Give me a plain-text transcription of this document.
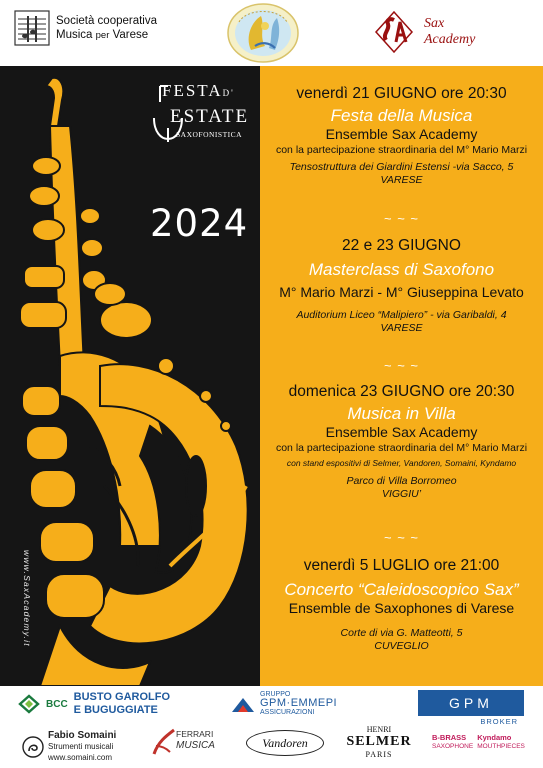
Società cooperativa
Musica per Varese
Sax
Academy
FESTAD'
ESTATE
SAXOFONISTICA
2024
www.SaxAcademy.it
venerdì 21 GIUGNO ore 20:30
Festa della Musica
Ensemble Sax Academy
con la partecipazione straordinaria del M° Mario Marzi
Tensostruttura dei Giardini Estensi -via Sacco, 5
VARESE
~ ~ ~
22 e 23 GIUGNO
Masterclass di Saxofono
M° Mario Marzi - M° Giuseppina Levato
Auditorium Liceo “Malipiero” - via Garibaldi, 4
VARESE
~ ~ ~
domenica 23 GIUGNO ore 20:30
Musica in Villa
Ensemble Sax Academy
con la partecipazione straordinaria del M° Mario Marzi
con stand espositivi di Selmer, Vandoren, Somaini, Kyndamo
Parco di Villa Borromeo
VIGGIU’
~ ~ ~
venerdì 5 LUGLIO ore 21:00
Concerto “Caleidoscopico Sax”
Ensemble de Saxophones di Varese
Corte di via G. Matteotti, 5
CUVEGLIO
BCC
BUSTO GAROLFO
E BUGUGGIATE
GRUPPO
GPM·EMMEPI
ASSICURAZIONI
GPM
BROKER
Fabio Somaini
Strumenti musicali
www.somaini.com
FERRARI
MUSICA	Vandoren
HENRI
SELMER
PARIS
B-BRASS
SAXOPHONE
Kyndamo
MOUTHPIECES
